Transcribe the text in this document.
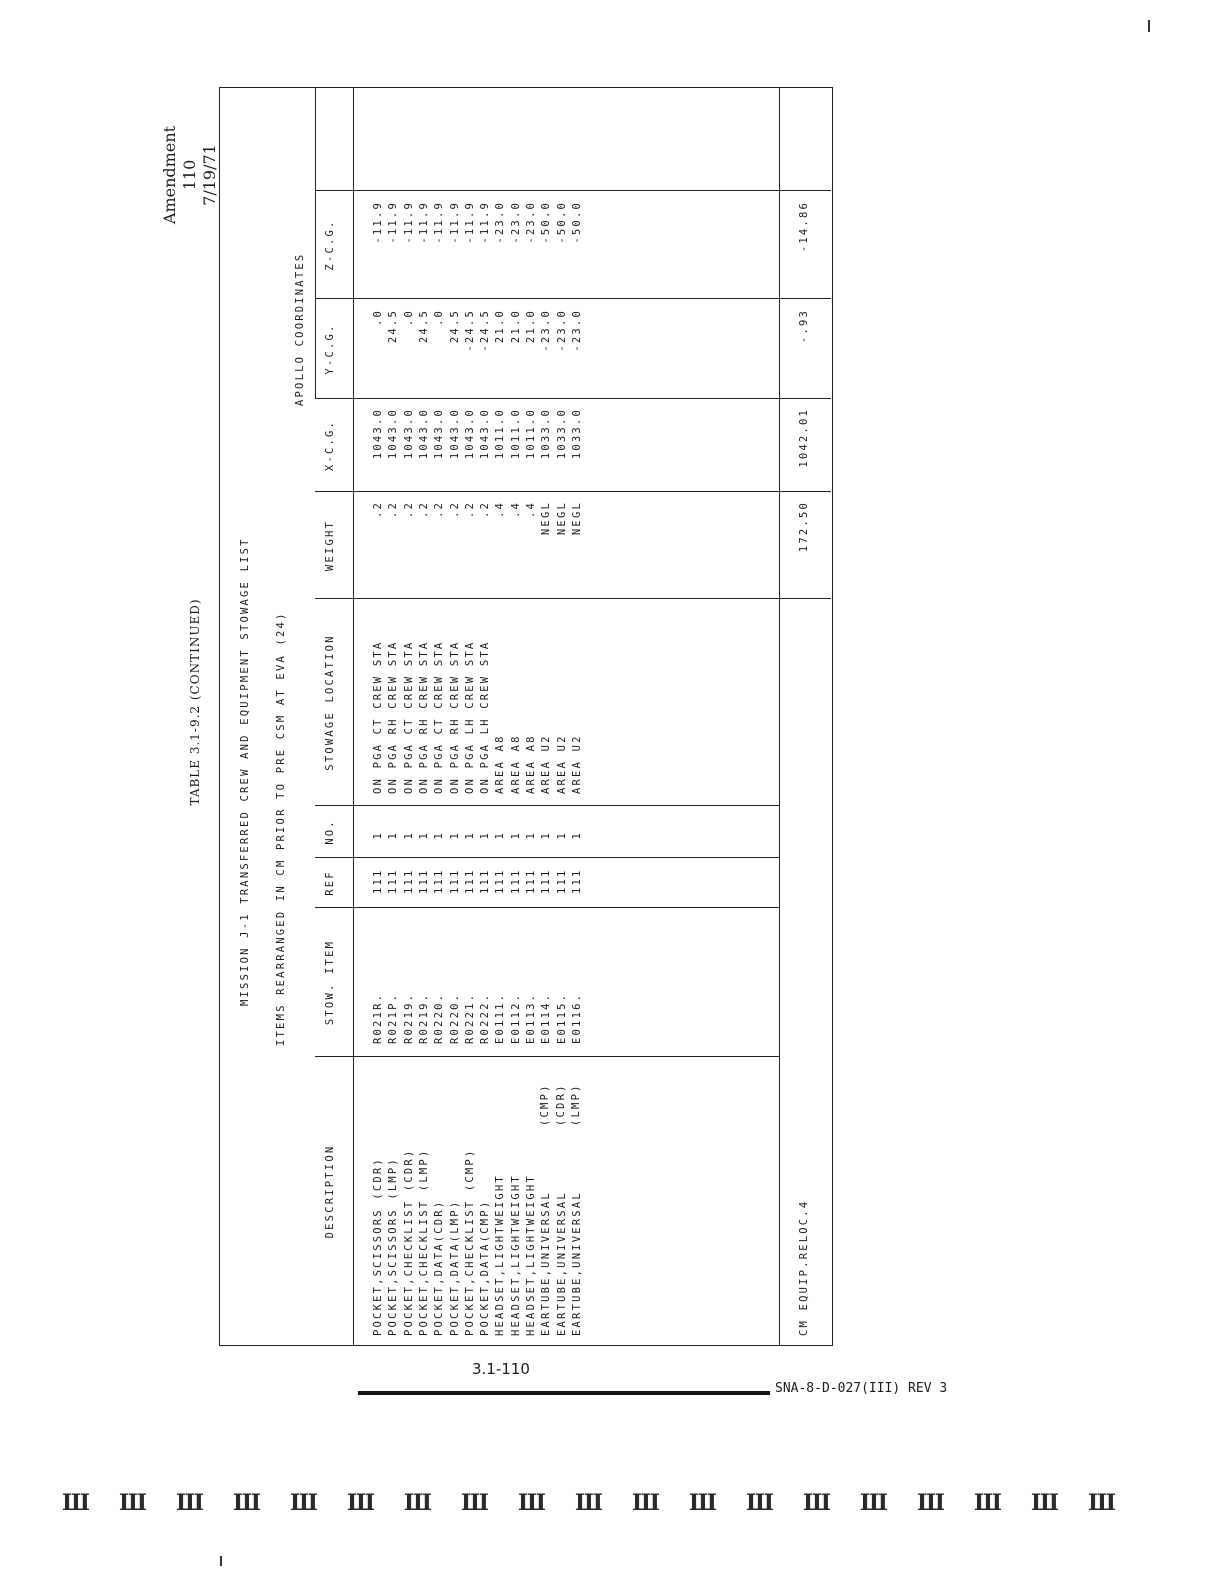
Amendment 110 7/19/71
TABLE 3.1-9.2 (CONTINUED)	MISSION J-1 TRANSFERRED CREW AND EQUIPMENT STOWAGE LIST ITEMS REARRANGED IN CM PRIOR TO PRE CSM AT EVA (24)
APOLLO COORDINATES
DESCRIPTION
STOW. ITEM
REF
NO.
STOWAGE LOCATION
WEIGHT
X-C.G.
Y-C.G.
Z-C.G.
POCKET,SCISSORS (CDR)
R021R.
111
1
ON PGA CT CREW STA
.2
1043.0
.0
-11.9
POCKET,SCISSORS (LMP)
R021P.
111
1
ON PGA RH CREW STA
.2
1043.0
24.5
-11.9
POCKET,CHECKLIST (CDR)
R0219.
111
1
ON PGA CT CREW STA
.2
1043.0
.0
-11.9
POCKET,CHECKLIST (LMP)
R0219.
111
1
ON PGA RH CREW STA
.2
1043.0
24.5
-11.9
POCKET,DATA(CDR)
R0220.
111
1
ON PGA CT CREW STA
.2
1043.0
.0
-11.9
POCKET,DATA(LMP)
R0220.
111
1
ON PGA RH CREW STA
.2
1043.0
24.5
-11.9
POCKET,CHECKLIST (CMP)
R0221.
111
1
ON PGA LH CREW STA
.2
1043.0
-24.5
-11.9
POCKET,DATA(CMP)
R0222.
111
1
ON PGA LH CREW STA
.2
1043.0
-24.5
-11.9
HEADSET,LIGHTWEIGHT
E0111.
111
1
AREA A8
.4
1011.0
21.0
-23.0
HEADSET,LIGHTWEIGHT
E0112.
111
1
AREA A8
.4
1011.0
21.0
-23.0
HEADSET,LIGHTWEIGHT
E0113.
111
1
AREA A8
.4
1011.0
21.0
-23.0
EARTUBE,UNIVERSAL
E0114.
111
1
AREA U2
NEGL
1033.0
-23.0
-50.0
(CMP)
EARTUBE,UNIVERSAL
E0115.
111
1
AREA U2
NEGL
1033.0
-23.0
-50.0
(CDR)
EARTUBE,UNIVERSAL
E0116.
111
1
AREA U2
NEGL
1033.0
-23.0
-50.0
(LMP)
CM EQUIP.RELOC.4
172.50
1042.01
-.93
-14.86
3.1-110
SNA-8-D-027(III) REV 3
Ш Ш Ш Ш Ш Ш Ш Ш Ш Ш Ш Ш Ш Ш Ш Ш Ш Ш Ш
